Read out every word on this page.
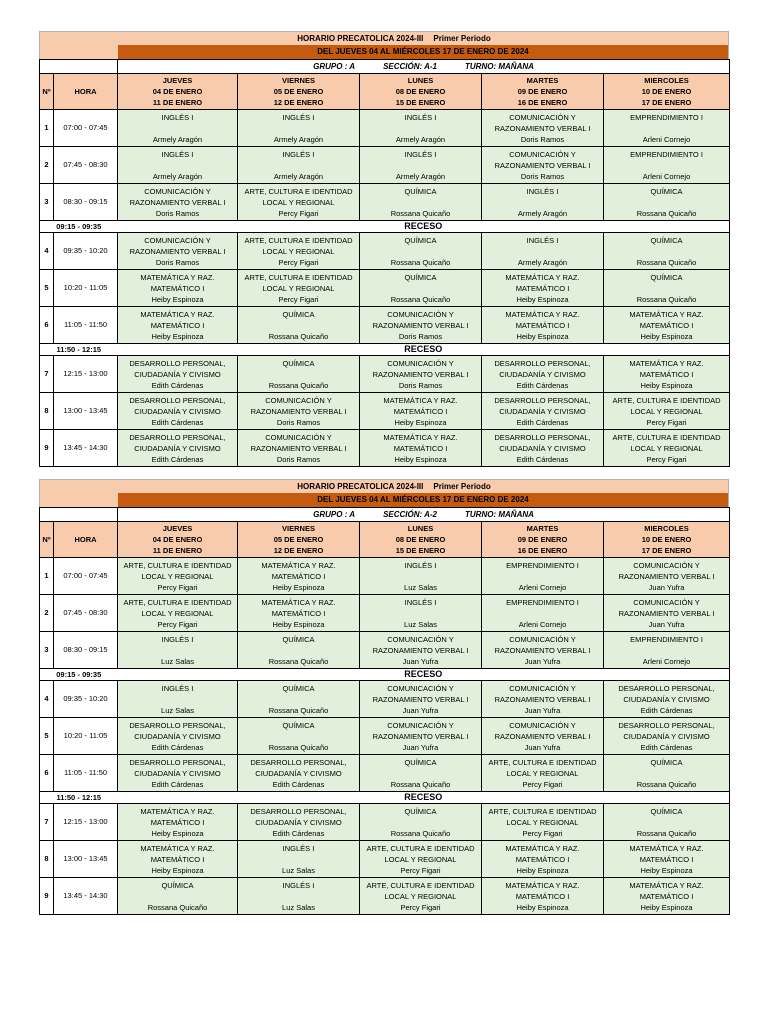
HORARIO PRECATOLICA 2024-III Primer Periodo
DEL JUEVES 04 AL MIÉRCOLES 17 DE ENERO DE 2024
		GRUPO : A SECCIÓN: A-1 TURNO: MAÑANA				
Nº	HORA	JUEVES
04 DE ENERO
11 DE ENERO	VIERNES
05 DE ENERO
12 DE ENERO	LUNES
08 DE ENERO
15 DE ENERO	MARTES
09 DE ENERO
16 DE ENERO	MIERCOLES
10 DE ENERO
17 DE ENERO

1	07:00 - 07:45	INGLÉS I
Armely Aragón	INGLÉS I
Armely Aragón	INGLÉS I
Armely Aragón	COMUNICACIÓN Y RAZONAMIENTO VERBAL I
Doris Ramos	EMPRENDIMIENTO I
Arleni Cornejo

2	07:45 - 08:30	INGLÉS I
Armely Aragón	INGLÉS I
Armely Aragón	INGLÉS I
Armely Aragón	COMUNICACIÓN Y RAZONAMIENTO VERBAL I
Doris Ramos	EMPRENDIMIENTO I
Arleni Cornejo

3	08:30 - 09:15	COMUNICACIÓN Y RAZONAMIENTO VERBAL I
Doris Ramos	ARTE, CULTURA E IDENTIDAD LOCAL Y REGIONAL
Percy Figari	QUÍMICA
Rossana Quicaño	INGLÉS I
Armely Aragón	QUÍMICA
Rossana Quicaño

09:15 - 09:35		RECESO				
4	09:35 - 10:20	COMUNICACIÓN Y RAZONAMIENTO VERBAL I
Doris Ramos	ARTE, CULTURA E IDENTIDAD LOCAL Y REGIONAL
Percy Figari	QUÍMICA
Rossana Quicaño	INGLÉS I
Armely Aragón	QUÍMICA
Rossana Quicaño

5	10:20 - 11:05	MATEMÁTICA Y RAZ. MATEMÁTICO I
Heiby Espinoza	ARTE, CULTURA E IDENTIDAD LOCAL Y REGIONAL
Percy Figari	QUÍMICA
Rossana Quicaño	MATEMÁTICA Y RAZ. MATEMÁTICO I
Heiby Espinoza	QUÍMICA
Rossana Quicaño

6	11:05 - 11:50	MATEMÁTICA Y RAZ. MATEMÁTICO I
Heiby Espinoza	QUÍMICA
Rossana Quicaño	COMUNICACIÓN Y RAZONAMIENTO VERBAL I
Doris Ramos	MATEMÁTICA Y RAZ. MATEMÁTICO I
Heiby Espinoza	MATEMÁTICA Y RAZ. MATEMÁTICO I
Heiby Espinoza

11:50 - 12:15		RECESO				
7	12:15 - 13:00	DESARROLLO PERSONAL, CIUDADANÍA Y CIVISMO
Edith Cárdenas	QUÍMICA
Rossana Quicaño	COMUNICACIÓN Y RAZONAMIENTO VERBAL I
Doris Ramos	DESARROLLO PERSONAL, CIUDADANÍA Y CIVISMO
Edith Cárdenas	MATEMÁTICA Y RAZ. MATEMÁTICO I
Heiby Espinoza

8	13:00 - 13:45	DESARROLLO PERSONAL, CIUDADANÍA Y CIVISMO
Edith Cárdenas	COMUNICACIÓN Y RAZONAMIENTO VERBAL I
Doris Ramos	MATEMÁTICA Y RAZ. MATEMÁTICO I
Heiby Espinoza	DESARROLLO PERSONAL, CIUDADANÍA Y CIVISMO
Edith Cárdenas	ARTE, CULTURA E IDENTIDAD LOCAL Y REGIONAL
Percy Figari

9	13:45 - 14:30	DESARROLLO PERSONAL, CIUDADANÍA Y CIVISMO
Edith Cárdenas	COMUNICACIÓN Y RAZONAMIENTO VERBAL I
Doris Ramos	MATEMÁTICA Y RAZ. MATEMÁTICO I
Heiby Espinoza	DESARROLLO PERSONAL, CIUDADANÍA Y CIVISMO
Edith Cárdenas	ARTE, CULTURA E IDENTIDAD LOCAL Y REGIONAL
Percy Figari
HORARIO PRECATOLICA 2024-III Primer Periodo
DEL JUEVES 04 AL MIÉRCOLES 17 DE ENERO DE 2024
		GRUPO : A SECCIÓN: A-2 TURNO: MAÑANA				
Nº	HORA	JUEVES
04 DE ENERO
11 DE ENERO	VIERNES
05 DE ENERO
12 DE ENERO	LUNES
08 DE ENERO
15 DE ENERO	MARTES
09 DE ENERO
16 DE ENERO	MIERCOLES
10 DE ENERO
17 DE ENERO

1	07:00 - 07:45	ARTE, CULTURA E IDENTIDAD LOCAL Y REGIONAL
Percy Figari	MATEMÁTICA Y RAZ. MATEMÁTICO I
Heiby Espinoza	INGLÉS I
Luz Salas	EMPRENDIMIENTO I
Arleni Cornejo	COMUNICACIÓN Y RAZONAMIENTO VERBAL I
Juan Yufra

2	07:45 - 08:30	ARTE, CULTURA E IDENTIDAD LOCAL Y REGIONAL
Percy Figari	MATEMÁTICA Y RAZ. MATEMÁTICO I
Heiby Espinoza	INGLÉS I
Luz Salas	EMPRENDIMIENTO I
Arleni Cornejo	COMUNICACIÓN Y RAZONAMIENTO VERBAL I
Juan Yufra

3	08:30 - 09:15	INGLÉS I
Luz Salas	QUÍMICA
Rossana Quicaño	COMUNICACIÓN Y RAZONAMIENTO VERBAL I
Juan Yufra	COMUNICACIÓN Y RAZONAMIENTO VERBAL I
Juan Yufra	EMPRENDIMIENTO I
Arleni Cornejo

09:15 - 09:35		RECESO				
4	09:35 - 10:20	INGLÉS I
Luz Salas	QUÍMICA
Rossana Quicaño	COMUNICACIÓN Y RAZONAMIENTO VERBAL I
Juan Yufra	COMUNICACIÓN Y RAZONAMIENTO VERBAL I
Juan Yufra	DESARROLLO PERSONAL, CIUDADANÍA Y CIVISMO
Edith Cárdenas

5	10:20 - 11:05	DESARROLLO PERSONAL, CIUDADANÍA Y CIVISMO
Edith Cárdenas	QUÍMICA
Rossana Quicaño	COMUNICACIÓN Y RAZONAMIENTO VERBAL I
Juan Yufra	COMUNICACIÓN Y RAZONAMIENTO VERBAL I
Juan Yufra	DESARROLLO PERSONAL, CIUDADANÍA Y CIVISMO
Edith Cárdenas

6	11:05 - 11:50	DESARROLLO PERSONAL, CIUDADANÍA Y CIVISMO
Edith Cárdenas	DESARROLLO PERSONAL, CIUDADANÍA Y CIVISMO
Edith Cárdenas	QUÍMICA
Rossana Quicaño	ARTE, CULTURA E IDENTIDAD LOCAL Y REGIONAL
Percy Figari	QUÍMICA
Rossana Quicaño

11:50 - 12:15		RECESO				
7	12:15 - 13:00	MATEMÁTICA Y RAZ. MATEMÁTICO I
Heiby Espinoza	DESARROLLO PERSONAL, CIUDADANÍA Y CIVISMO
Edith Cárdenas	QUÍMICA
Rossana Quicaño	ARTE, CULTURA E IDENTIDAD LOCAL Y REGIONAL
Percy Figari	QUÍMICA
Rossana Quicaño

8	13:00 - 13:45	MATEMÁTICA Y RAZ. MATEMÁTICO I
Heiby Espinoza	INGLÉS I
Luz Salas	ARTE, CULTURA E IDENTIDAD LOCAL Y REGIONAL
Percy Figari	MATEMÁTICA Y RAZ. MATEMÁTICO I
Heiby Espinoza	MATEMÁTICA Y RAZ. MATEMÁTICO I
Heiby Espinoza

9	13:45 - 14:30	QUÍMICA
Rossana Quicaño	INGLÉS I
Luz Salas	ARTE, CULTURA E IDENTIDAD LOCAL Y REGIONAL
Percy Figari	MATEMÁTICA Y RAZ. MATEMÁTICO I
Heiby Espinoza	MATEMÁTICA Y RAZ. MATEMÁTICO I
Heiby Espinoza
